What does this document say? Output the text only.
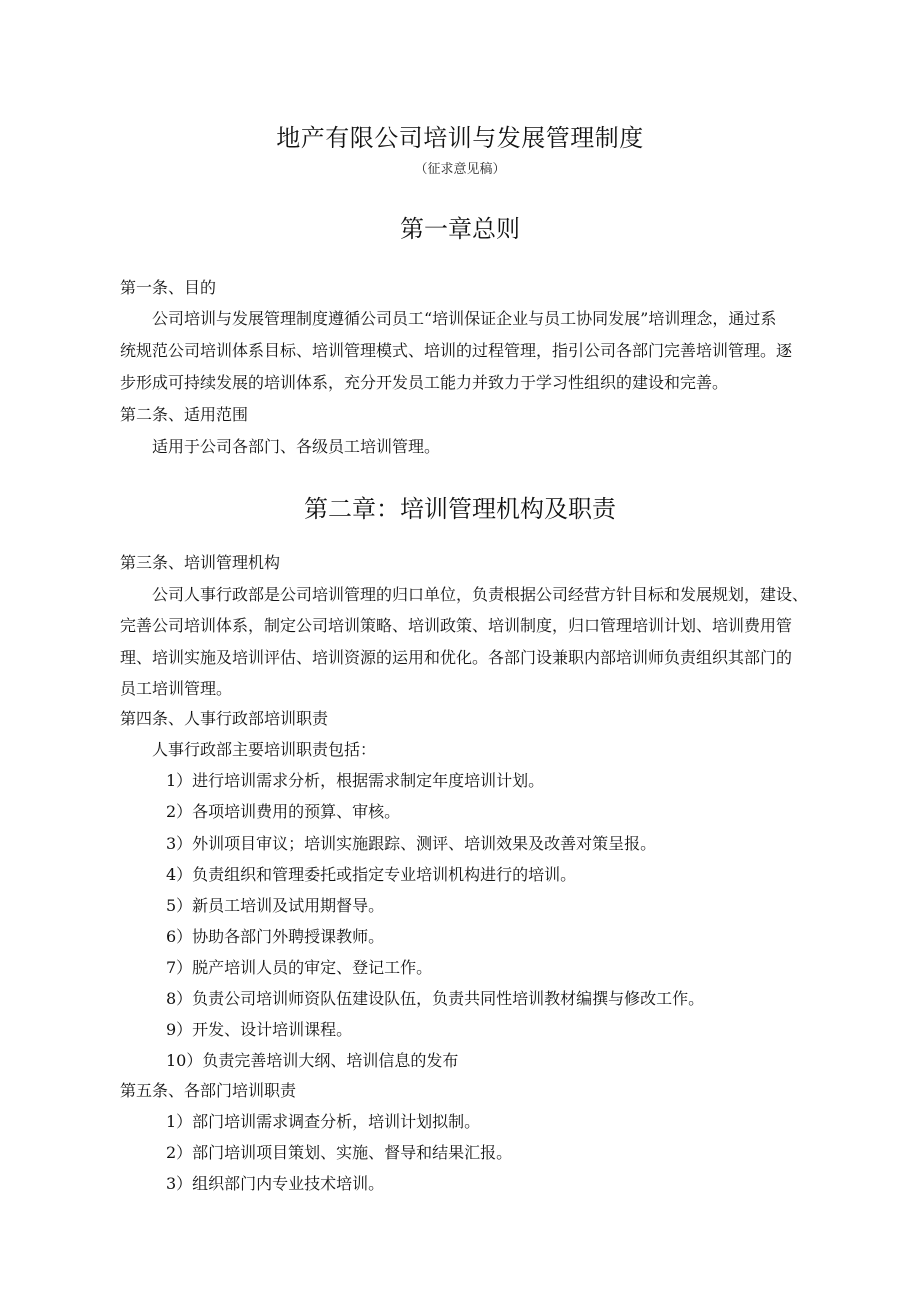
地产有限公司培训与发展管理制度
（征求意见稿）
第一章总则
第一条、目的
公司培训与发展管理制度遵循公司员工“培训保证企业与员工协同发展”培训理念，通过系
统规范公司培训体系目标、培训管理模式、培训的过程管理，指引公司各部门完善培训管理。逐
步形成可持续发展的培训体系，充分开发员工能力并致力于学习性组织的建设和完善。
第二条、适用范围
适用于公司各部门、各级员工培训管理。
第二章：培训管理机构及职责
第三条、培训管理机构
公司人事行政部是公司培训管理的归口单位，负责根据公司经营方针目标和发展规划，建设、
完善公司培训体系，制定公司培训策略、培训政策、培训制度，归口管理培训计划、培训费用管
理、培训实施及培训评估、培训资源的运用和优化。各部门设兼职内部培训师负责组织其部门的
员工培训管理。
第四条、人事行政部培训职责
人事行政部主要培训职责包括：
1）进行培训需求分析，根据需求制定年度培训计划。
2）各项培训费用的预算、审核。
3）外训项目审议；培训实施跟踪、测评、培训效果及改善对策呈报。
4）负责组织和管理委托或指定专业培训机构进行的培训。
5）新员工培训及试用期督导。
6）协助各部门外聘授课教师。
7）脱产培训人员的审定、登记工作。
8）负责公司培训师资队伍建设队伍，负责共同性培训教材编撰与修改工作。
9）开发、设计培训课程。
10）负责完善培训大纲、培训信息的发布
第五条、各部门培训职责
1）部门培训需求调查分析，培训计划拟制。
2）部门培训项目策划、实施、督导和结果汇报。
3）组织部门内专业技术培训。
